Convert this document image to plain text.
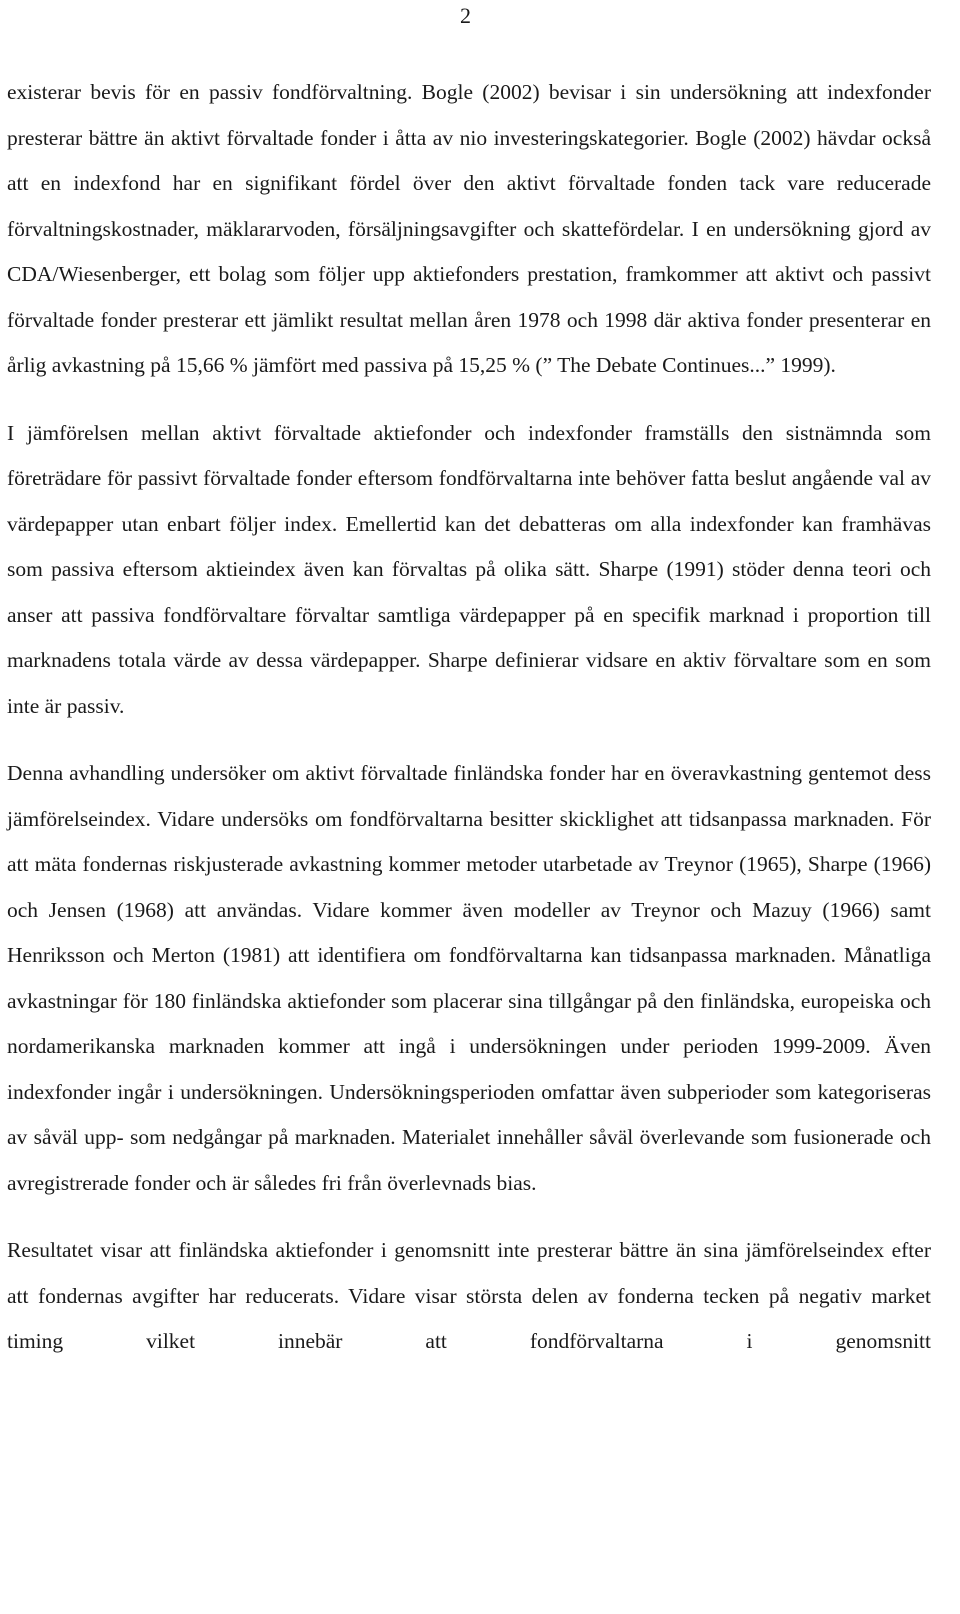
2

existerar bevis för en passiv fondförvaltning. Bogle (2002) bevisar i sin undersökning att indexfonder presterar bättre än aktivt förvaltade fonder i åtta av nio investeringskategorier. Bogle (2002) hävdar också att en indexfond har en signifikant fördel över den aktivt förvaltade fonden tack vare reducerade förvaltningskostnader, mäklararvoden, försäljningsavgifter och skattefördelar. I en undersökning gjord av CDA/Wiesenberger, ett bolag som följer upp aktiefonders prestation, framkommer att aktivt och passivt förvaltade fonder presterar ett jämlikt resultat mellan åren 1978 och 1998 där aktiva fonder presenterar en årlig avkastning på 15,66 % jämfört med passiva på 15,25 % (” The Debate Continues...” 1999).

I jämförelsen mellan aktivt förvaltade aktiefonder och indexfonder framställs den sistnämnda som företrädare för passivt förvaltade fonder eftersom fondförvaltarna inte behöver fatta beslut angående val av värdepapper utan enbart följer index. Emellertid kan det debatteras om alla indexfonder kan framhävas som passiva eftersom aktieindex även kan förvaltas på olika sätt. Sharpe (1991) stöder denna teori och anser att passiva fondförvaltare förvaltar samtliga värdepapper på en specifik marknad i proportion till marknadens totala värde av dessa värdepapper. Sharpe definierar vidsare en aktiv förvaltare som en som inte är passiv.

Denna avhandling undersöker om aktivt förvaltade finländska fonder har en överavkastning gentemot dess jämförelseindex. Vidare undersöks om fondförvaltarna besitter skicklighet att tidsanpassa marknaden. För att mäta fondernas riskjusterade avkastning kommer metoder utarbetade av Treynor (1965), Sharpe (1966) och Jensen (1968) att användas. Vidare kommer även modeller av Treynor och Mazuy (1966) samt Henriksson och Merton (1981) att identifiera om fondförvaltarna kan tidsanpassa marknaden. Månatliga avkastningar för 180 finländska aktiefonder som placerar sina tillgångar på den finländska, europeiska och nordamerikanska marknaden kommer att ingå i undersökningen under perioden 1999-2009. Även indexfonder ingår i undersökningen. Undersökningsperioden omfattar även subperioder som kategoriseras av såväl upp- som nedgångar på marknaden. Materialet innehåller såväl överlevande som fusionerade och avregistrerade fonder och är således fri från överlevnads bias.

Resultatet visar att finländska aktiefonder i genomsnitt inte presterar bättre än sina jämförelseindex efter att fondernas avgifter har reducerats. Vidare visar största delen av fonderna tecken på negativ market timing vilket innebär att fondförvaltarna i genomsnitt
